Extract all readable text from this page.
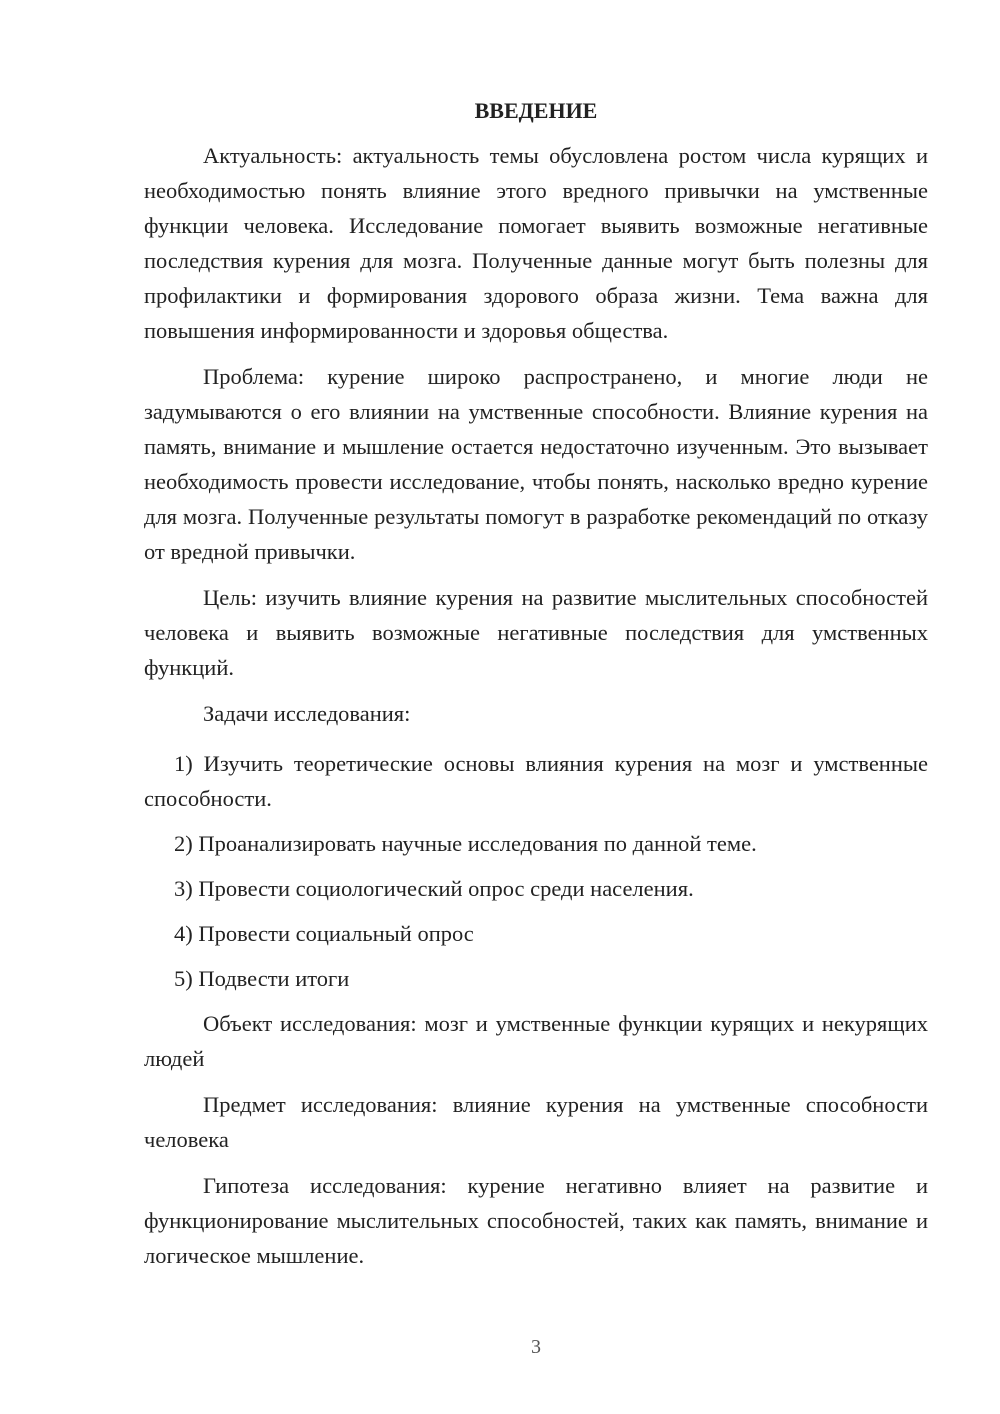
ВВЕДЕНИЕ

Актуальность: актуальность темы обусловлена ростом числа курящих и необходимостью понять влияние этого вредного привычки на умственные функции человека. Исследование помогает выявить возможные негативные последствия курения для мозга. Полученные данные могут быть полезны для профилактики и формирования здорового образа жизни. Тема важна для повышения информированности и здоровья общества.

Проблема: курение широко распространено, и многие люди не задумываются о его влиянии на умственные способности. Влияние курения на память, внимание и мышление остается недостаточно изученным. Это вызывает необходимость провести исследование, чтобы понять, насколько вредно курение для мозга. Полученные результаты помогут в разработке рекомендаций по отказу от вредной привычки.

Цель: изучить влияние курения на развитие мыслительных способностей человека и выявить возможные негативные последствия для умственных функций.

Задачи исследования:

1) Изучить теоретические основы влияния курения на мозг и умственные способности.

2) Проанализировать научные исследования по данной теме.

3) Провести социологический опрос среди населения.

4) Провести социальный опрос

5) Подвести итоги

Объект исследования: мозг и умственные функции курящих и некурящих людей

Предмет исследования: влияние курения на умственные способности человека

Гипотеза исследования: курение негативно влияет на развитие и функционирование мыслительных способностей, таких как память, внимание и логическое мышление.

3
